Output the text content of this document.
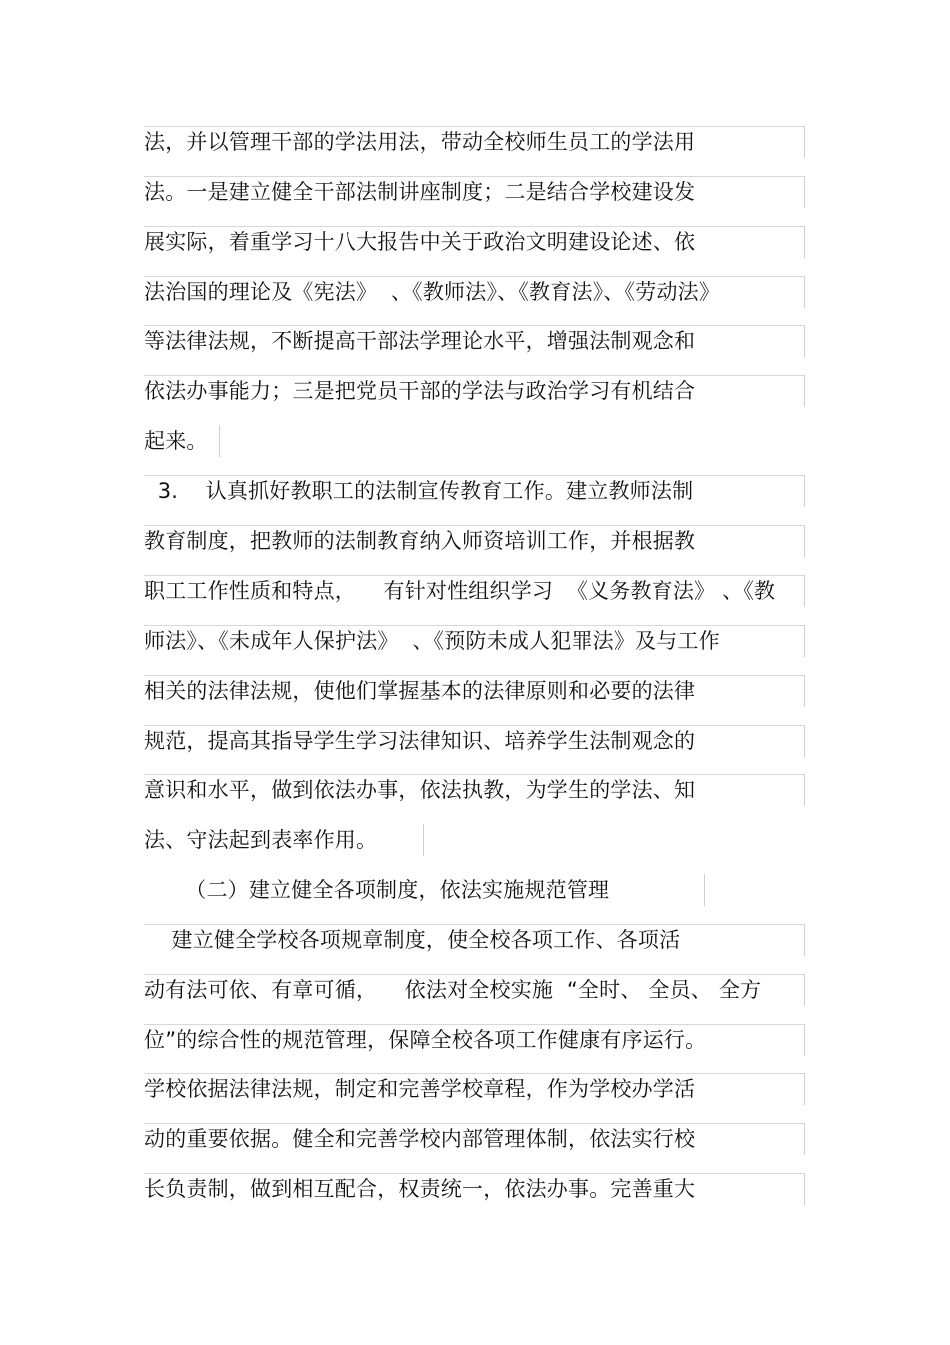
法，并以管理干部的学法用法，带动全校师生员工的学法用
法。一是建立健全干部法制讲座制度；二是结合学校建设发
展实际，着重学习十八大报告中关于政治文明建设论述、依
法治国的理论及《宪法》  、《教师法》、《教育法》、《劳动法》
等法律法规，不断提高干部法学理论水平，增强法制观念和
依法办事能力；三是把党员干部的学法与政治学习有机结合
起来。
3.    认真抓好教职工的法制宣传教育工作。建立教师法制
教育制度，把教师的法制教育纳入师资培训工作，并根据教
职工工作性质和特点，    有针对性组织学习  《义务教育法》 、《教
师法》、《未成年人保护法》  、《预防未成人犯罪法》及与工作
相关的法律法规，使他们掌握基本的法律原则和必要的法律
规范，提高其指导学生学习法律知识、培养学生法制观念的
意识和水平，做到依法办事，依法执教，为学生的学法、知
法、守法起到表率作用。
（二）建立健全各项制度，依法实施规范管理
建立健全学校各项规章制度，使全校各项工作、各项活
动有法可依、有章可循，    依法对全校实施  “全时、 全员、 全方
位”的综合性的规范管理，保障全校各项工作健康有序运行。
学校依据法律法规，制定和完善学校章程，作为学校办学活
动的重要依据。健全和完善学校内部管理体制，依法实行校
长负责制，做到相互配合，权责统一，依法办事。完善重大
